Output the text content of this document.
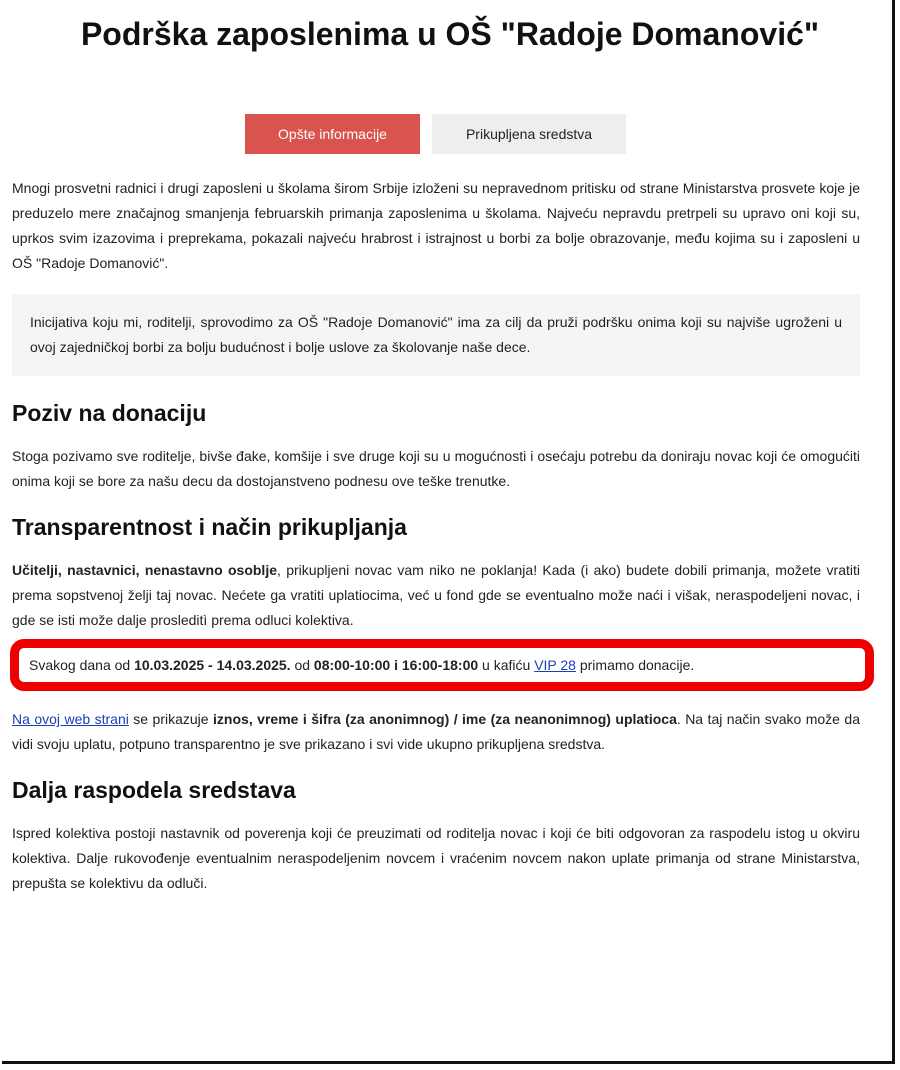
Podrška zaposlenima u OŠ "Radoje Domanović"
Opšte informacije	Prikupljena sredstva

Mnogi prosvetni radnici i drugi zaposleni u školama širom Srbije izloženi su nepravednom pritisku od strane Ministarstva prosvete koje je preduzelo mere značajnog smanjenja februarskih primanja zaposlenima u školama. Najveću nepravdu pretrpeli su upravo oni koji su, uprkos svim izazovima i preprekama, pokazali najveću hrabrost i istrajnost u borbi za bolje obrazovanje, među kojima su i zaposleni u OŠ "Radoje Domanović".

Inicijativa koju mi, roditelji, sprovodimo za OŠ "Radoje Domanović" ima za cilj da pruži podršku onima koji su najviše ugroženi u ovoj zajedničkoj borbi za bolju budućnost i bolje uslove za školovanje naše dece.

Poziv na donaciju

Stoga pozivamo sve roditelje, bivše đake, komšije i sve druge koji su u mogućnosti i osećaju potrebu da doniraju novac koji će omogućiti onima koji se bore za našu decu da dostojanstveno podnesu ove teške trenutke.

Transparentnost i način prikupljanja

Učitelji, nastavnici, nenastavno osoblje, prikupljeni novac vam niko ne poklanja! Kada (i ako) budete dobili primanja, možete vratiti prema sopstvenoj želji taj novac. Nećete ga vratiti uplatiocima, već u fond gde se eventualno može naći i višak, neraspodeljeni novac, i gde se isti može dalje prosleditì prema odluci kolektiva.

Svakog dana od 10.03.2025 - 14.03.2025. od 08:00-10:00 i 16:00-18:00 u kafiću VIP 28 primamo donacije.

Na ovoj web strani se prikazuje iznos, vreme i šifra (za anonimnog) / ime (za neanonimnog) uplatioca. Na taj način svako može da vidi svoju uplatu, potpuno transparentno je sve prikazano i svi vide ukupno prikupljena sredstva.

Dalja raspodela sredstava

Ispred kolektiva postoji nastavnik od poverenja koji će preuzimati od roditelja novac i koji će biti odgovoran za raspodelu istog u okviru kolektiva. Dalje rukovođenje eventualnim neraspodeljenim novcem i vraćenim novcem nakon uplate primanja od strane Ministarstva, prepušta se kolektivu da odluči.
